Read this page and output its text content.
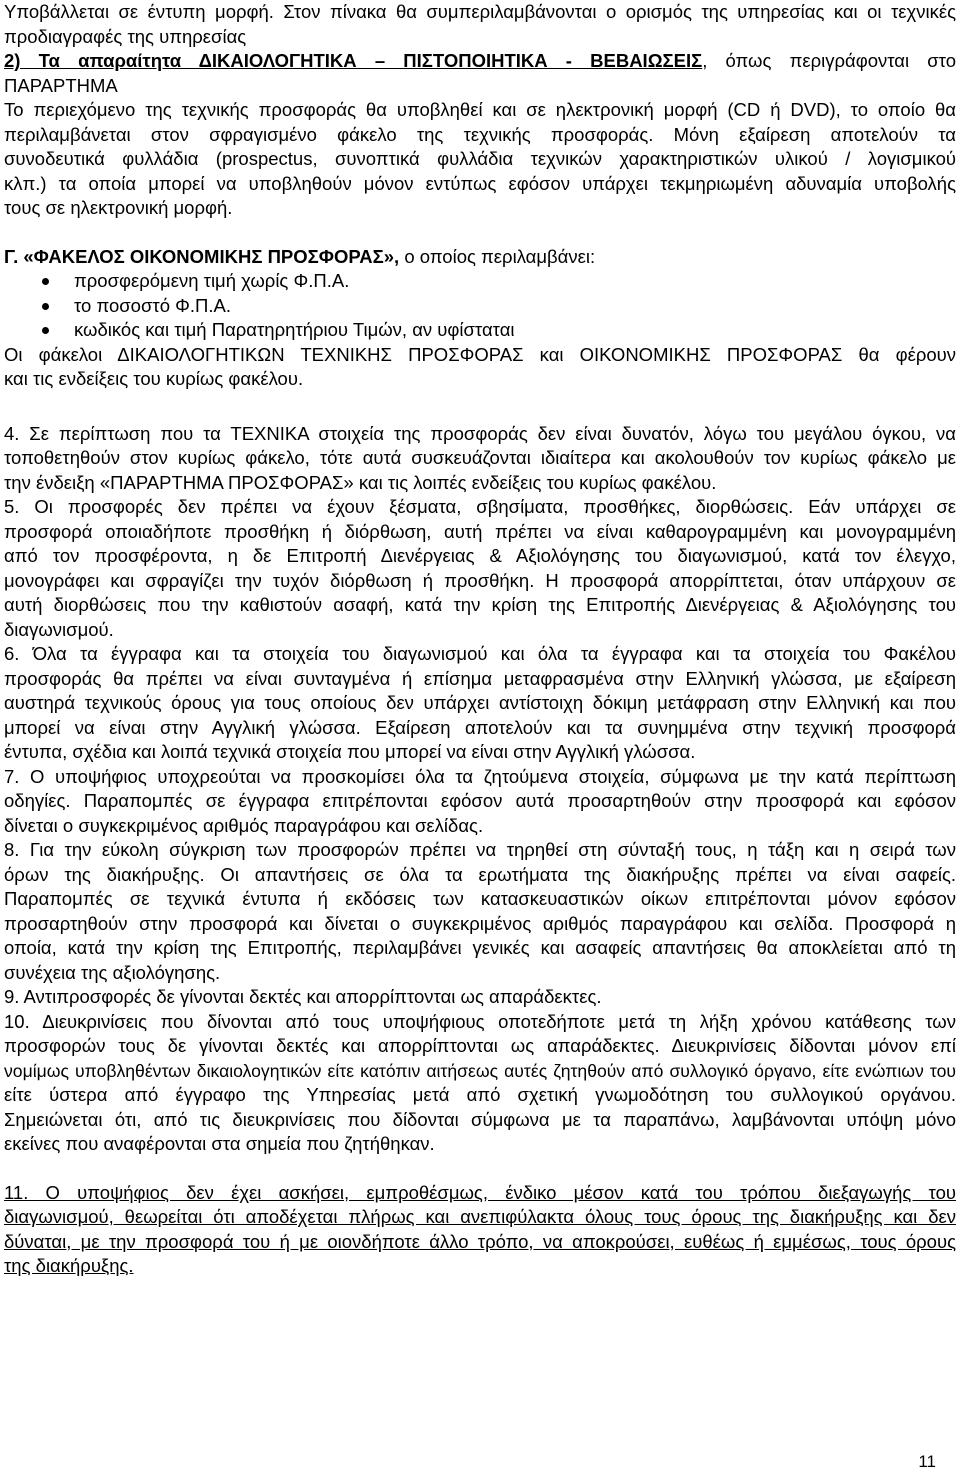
Υποβάλλεται σε έντυπη μορφή. Στον πίνακα θα συμπεριλαμβάνονται ο ορισμός της υπηρεσίας και οι τεχνικές
προδιαγραφές της υπηρεσίας
2) Τα απαραίτητα ΔΙΚΑΙΟΛΟΓΗΤΙΚΑ – ΠΙΣΤΟΠΟΙΗΤΙΚΑ - ΒΕΒΑΙΩΣΕΙΣ, όπως περιγράφονται στο
ΠΑΡΑΡΤΗΜΑ
Το περιεχόμενο της τεχνικής προσφοράς θα υποβληθεί και σε ηλεκτρονική μορφή (CD ή DVD), το οποίο θα
περιλαμβάνεται στον σφραγισμένο φάκελο της τεχνικής προσφοράς. Μόνη εξαίρεση αποτελούν τα
συνοδευτικά φυλλάδια (prospectus, συνοπτικά φυλλάδια τεχνικών χαρακτηριστικών υλικού / λογισμικού
κλπ.) τα οποία μπορεί να υποβληθούν μόνον εντύπως εφόσον υπάρχει τεκμηριωμένη αδυναμία υποβολής
τους σε ηλεκτρονική μορφή.
Γ. «ΦΑΚΕΛΟΣ ΟΙΚΟΝΟΜΙΚΗΣ ΠΡΟΣΦΟΡΑΣ», ο οποίος περιλαμβάνει:
προσφερόμενη τιμή χωρίς Φ.Π.Α.
το ποσοστό Φ.Π.Α.
κωδικός και τιμή Παρατηρητήριου Τιμών, αν υφίσταται
Οι φάκελοι ΔΙΚΑΙΟΛΟΓΗΤΙΚΩΝ ΤΕΧΝΙΚΗΣ ΠΡΟΣΦΟΡΑΣ και ΟΙΚΟΝΟΜΙΚΗΣ ΠΡΟΣΦΟΡΑΣ θα φέρουν
και τις ενδείξεις του κυρίως φακέλου.
4. Σε περίπτωση που τα ΤΕΧΝΙΚΑ στοιχεία της προσφοράς δεν είναι δυνατόν, λόγω του μεγάλου όγκου, να
τοποθετηθούν στον κυρίως φάκελο, τότε αυτά συσκευάζονται ιδιαίτερα και ακολουθούν τον κυρίως φάκελο με
την ένδειξη «ΠΑΡΑΡΤΗΜΑ ΠΡΟΣΦΟΡΑΣ» και τις λοιπές ενδείξεις του κυρίως φακέλου.
5. Οι προσφορές δεν πρέπει να έχουν ξέσματα, σβησίματα, προσθήκες, διορθώσεις. Εάν υπάρχει σε
προσφορά οποιαδήποτε προσθήκη ή διόρθωση, αυτή πρέπει να είναι καθαρογραμμένη και μονογραμμένη
από τον προσφέροντα, η δε Επιτροπή Διενέργειας & Αξιολόγησης του διαγωνισμού, κατά τον έλεγχο,
μονογράφει και σφραγίζει την τυχόν διόρθωση ή προσθήκη. Η προσφορά απορρίπτεται, όταν υπάρχουν σε
αυτή διορθώσεις που την καθιστούν ασαφή, κατά την κρίση της Επιτροπής Διενέργειας & Αξιολόγησης του
διαγωνισμού.
6. Όλα τα έγγραφα και τα στοιχεία του διαγωνισμού και όλα τα έγγραφα και τα στοιχεία του Φακέλου
προσφοράς θα πρέπει να είναι συνταγμένα ή επίσημα μεταφρασμένα στην Ελληνική γλώσσα, με εξαίρεση
αυστηρά τεχνικούς όρους για τους οποίους δεν υπάρχει αντίστοιχη δόκιμη μετάφραση στην Ελληνική και που
μπορεί να είναι στην Αγγλική γλώσσα. Εξαίρεση αποτελούν και τα συνημμένα στην τεχνική προσφορά
έντυπα, σχέδια και λοιπά τεχνικά στοιχεία που μπορεί να είναι στην Αγγλική γλώσσα.
7. Ο υποψήφιος υποχρεούται να προσκομίσει όλα τα ζητούμενα στοιχεία, σύμφωνα με την κατά περίπτωση
οδηγίες. Παραπομπές σε έγγραφα επιτρέπονται εφόσον αυτά προσαρτηθούν στην προσφορά και εφόσον
δίνεται ο συγκεκριμένος αριθμός παραγράφου και σελίδας.
8. Για την εύκολη σύγκριση των προσφορών πρέπει να τηρηθεί στη σύνταξή τους, η τάξη και η σειρά των
όρων της διακήρυξης. Οι απαντήσεις σε όλα τα ερωτήματα της διακήρυξης πρέπει να είναι σαφείς.
Παραπομπές σε τεχνικά έντυπα ή εκδόσεις των κατασκευαστικών οίκων επιτρέπονται μόνον εφόσον
προσαρτηθούν στην προσφορά και δίνεται ο συγκεκριμένος αριθμός παραγράφου και σελίδα. Προσφορά η
οποία, κατά την κρίση της Επιτροπής, περιλαμβάνει γενικές και ασαφείς απαντήσεις θα αποκλείεται από τη
συνέχεια της αξιολόγησης.
9. Αντιπροσφορές δε γίνονται δεκτές και απορρίπτονται ως απαράδεκτες.
10. Διευκρινίσεις που δίνονται από τους υποψήφιους οποτεδήποτε μετά τη λήξη χρόνου κατάθεσης των
προσφορών τους δε γίνονται δεκτές και απορρίπτονται ως απαράδεκτες. Διευκρινίσεις δίδονται μόνον επί
νομίμως υποβληθέντων δικαιολογητικών είτε κατόπιν αιτήσεως αυτές ζητηθούν από συλλογικό όργανο, είτε ενώπιων του
είτε ύστερα από έγγραφο της Υπηρεσίας μετά από σχετική γνωμοδότηση του συλλογικού οργάνου.
Σημειώνεται ότι, από τις διευκρινίσεις που δίδονται σύμφωνα με τα παραπάνω, λαμβάνονται υπόψη μόνο
εκείνες που αναφέρονται στα σημεία που ζητήθηκαν.
11. Ο υποψήφιος δεν έχει ασκήσει, εμπροθέσμως, ένδικο μέσον κατά του τρόπου διεξαγωγής του
διαγωνισμού, θεωρείται ότι αποδέχεται πλήρως και ανεπιφύλακτα όλους τους όρους της διακήρυξης και δεν
δύναται, με την προσφορά του ή με οιονδήποτε άλλο τρόπο, να αποκρούσει, ευθέως ή εμμέσως, τους όρους
της διακήρυξης.
11
